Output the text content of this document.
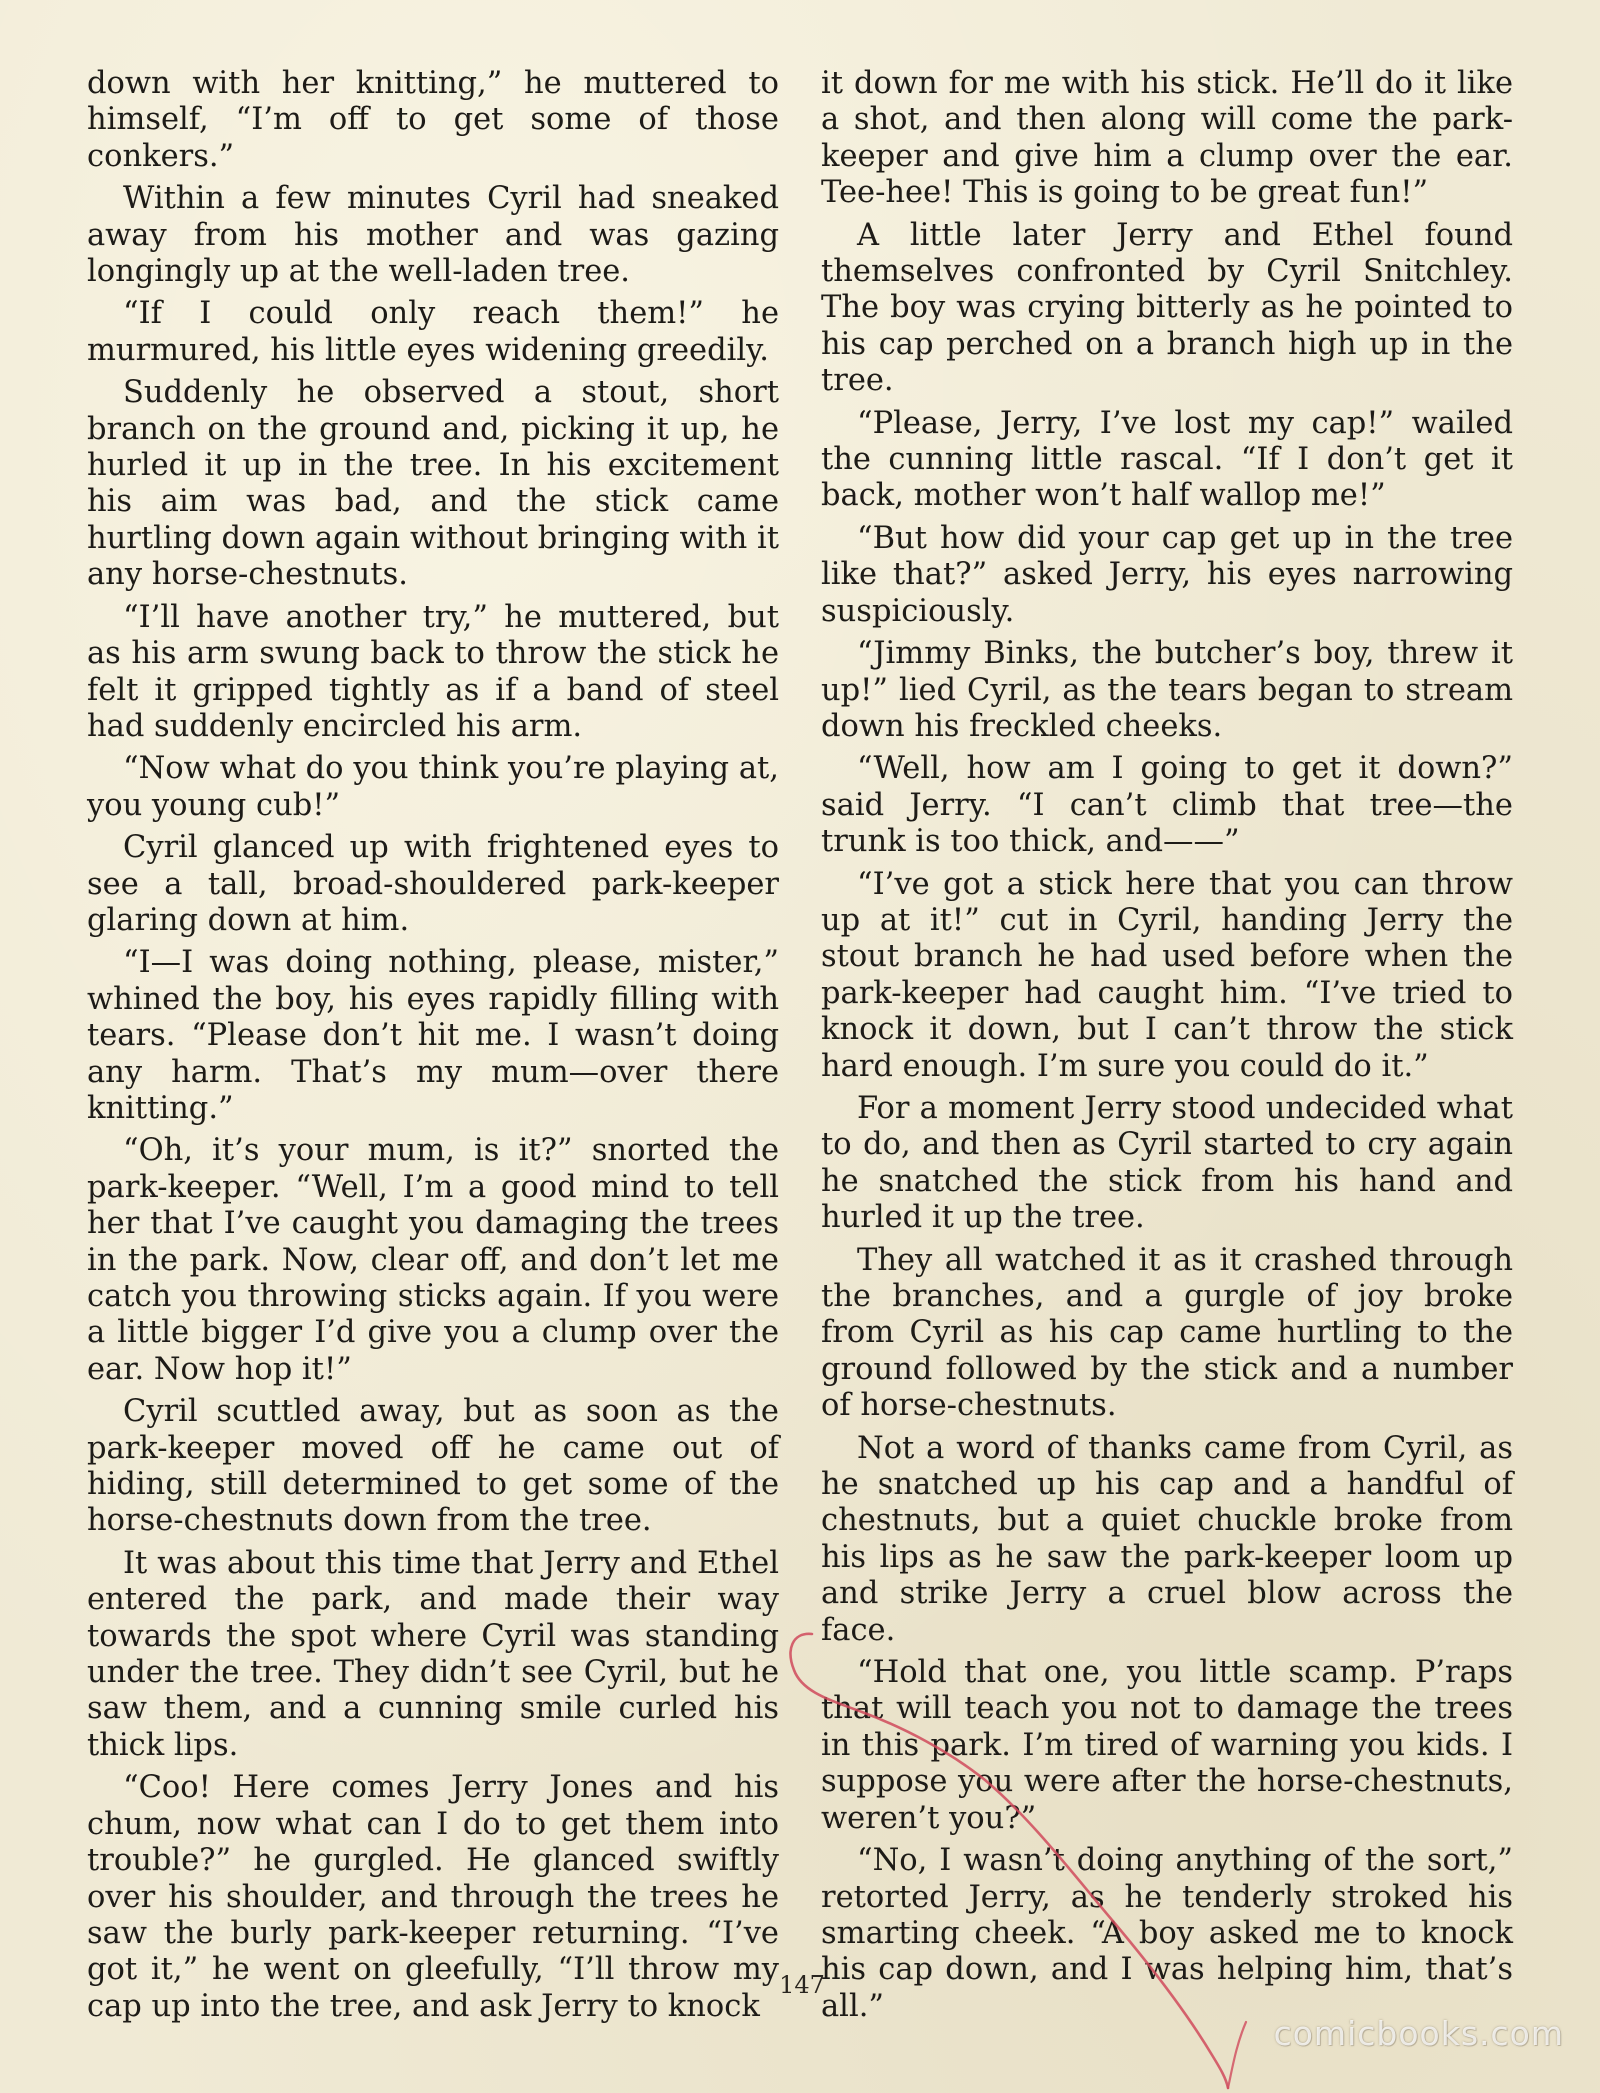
down with her knitting,” he muttered to himself, “I’m off to get some of those conkers.”

Within a few minutes Cyril had sneaked away from his mother and was gazing longingly up at the well-laden tree.

“If I could only reach them!” he murmured, his little eyes widening greedily.

Suddenly he observed a stout, short branch on the ground and, picking it up, he hurled it up in the tree. In his excitement his aim was bad, and the stick came hurtling down again without bringing with it any horse-chestnuts.

“I’ll have another try,” he muttered, but as his arm swung back to throw the stick he felt it gripped tightly as if a band of steel had suddenly encircled his arm.

“Now what do you think you’re playing at, you young cub!”

Cyril glanced up with frightened eyes to see a tall, broad-shouldered park-keeper glaring down at him.

“I—I was doing nothing, please, mister,” whined the boy, his eyes rapidly filling with tears. “Please don’t hit me. I wasn’t doing any harm. That’s my mum—over there knitting.”

“Oh, it’s your mum, is it?” snorted the park-keeper. “Well, I’m a good mind to tell her that I’ve caught you damaging the trees in the park. Now, clear off, and don’t let me catch you throwing sticks again. If you were a little bigger I’d give you a clump over the ear. Now hop it!”

Cyril scuttled away, but as soon as the park-keeper moved off he came out of hiding, still determined to get some of the horse-chestnuts down from the tree.

It was about this time that Jerry and Ethel entered the park, and made their way towards the spot where Cyril was standing under the tree. They didn’t see Cyril, but he saw them, and a cunning smile curled his thick lips.

“Coo! Here comes Jerry Jones and his chum, now what can I do to get them into trouble?” he gurgled. He glanced swiftly over his shoulder, and through the trees he saw the burly park-keeper returning. “I’ve got it,” he went on gleefully, “I’ll throw my cap up into the tree, and ask Jerry to knock

it down for me with his stick. He’ll do it like a shot, and then along will come the park-keeper and give him a clump over the ear. Tee-hee! This is going to be great fun!”

A little later Jerry and Ethel found themselves confronted by Cyril Snitchley. The boy was crying bitterly as he pointed to his cap perched on a branch high up in the tree.

“Please, Jerry, I’ve lost my cap!” wailed the cunning little rascal. “If I don’t get it back, mother won’t half wallop me!”

“But how did your cap get up in the tree like that?” asked Jerry, his eyes narrowing suspiciously.

“Jimmy Binks, the butcher’s boy, threw it up!” lied Cyril, as the tears began to stream down his freckled cheeks.

“Well, how am I going to get it down?” said Jerry. “I can’t climb that tree—the trunk is too thick, and——”

“I’ve got a stick here that you can throw up at it!” cut in Cyril, handing Jerry the stout branch he had used before when the park-keeper had caught him. “I’ve tried to knock it down, but I can’t throw the stick hard enough. I’m sure you could do it.”

For a moment Jerry stood undecided what to do, and then as Cyril started to cry again he snatched the stick from his hand and hurled it up the tree.

They all watched it as it crashed through the branches, and a gurgle of joy broke from Cyril as his cap came hurtling to the ground followed by the stick and a number of horse-chestnuts.

Not a word of thanks came from Cyril, as he snatched up his cap and a handful of chestnuts, but a quiet chuckle broke from his lips as he saw the park-keeper loom up and strike Jerry a cruel blow across the face.

“Hold that one, you little scamp. P’raps that will teach you not to damage the trees in this park. I’m tired of warning you kids. I suppose you were after the horse-chestnuts, weren’t you?”

“No, I wasn’t doing anything of the sort,” retorted Jerry, as he tenderly stroked his smarting cheek. “A boy asked me to knock his cap down, and I was helping him, that’s all.”

147
comicbooks.com
